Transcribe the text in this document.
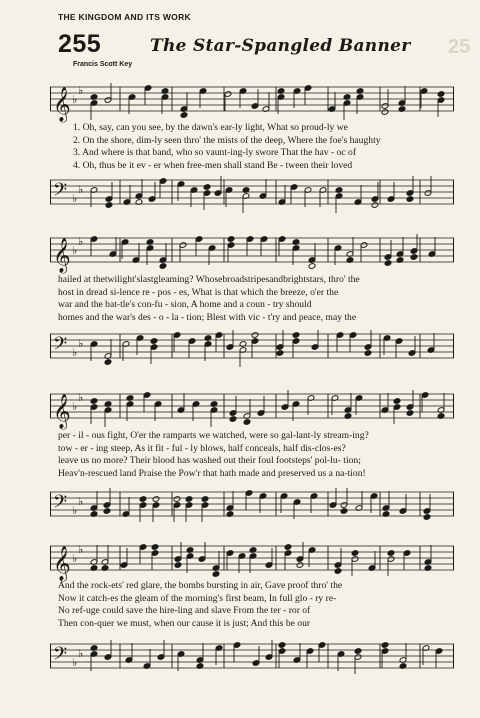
THE KINGDOM AND ITS WORK
255	The Star-Spangled Banner
Francis Scott Key
25
𝄞 ♭
♭
1. Oh, say, can you see, by the dawn's ear-ly light, What so proud-ly we
2. On the shore, dim-ly seen thro' the mists of the deep, Where the foe's haughty
3. And where is that band, who so vaunt-ing-ly swore That the hav - oc of
4. Oh, thus be it ev - er when free-men shall stand Be - tween their loved
𝄢 ♭
♭
𝄞 ♭
♭
hailed at thetwilight'slastgleaming? Whosebroadstripesandbrightstars, thro' the
host in dread si-lence re - pos - es, What is that which the breeze, o'er the
war and the bat-tle's con-fu - sion, A home and a coun - try should
homes and the war's des - o - la - tion; Blest with vic - t'ry and peace, may the
𝄢 ♭
♭
𝄞 ♭
♭
per - il - ous fight, O'er the ramparts we watched, were so gal-lant-ly stream-ing?
tow - er - ing steep, As it fit - ful - ly blows, half conceals, half dis-clos-es?
leave us no more? Their blood has washed out their foul footsteps' pol-lu- tion;
Heav'n-rescued land Praise the Pow'r that hath made and preserved us a na-tion!
𝄢 ♭
♭
𝄞 ♭
♭
And the rock-ets' red glare, the bombs bursting in air, Gave proof thro' the
Now it catch-es the gleam of the morning's first beam, In full glo - ry re-
No ref-uge could save the hire-ling and slave From the ter - ror of
Then con-quer we must, when our cause it is just; And this be our
𝄢 ♭
♭
